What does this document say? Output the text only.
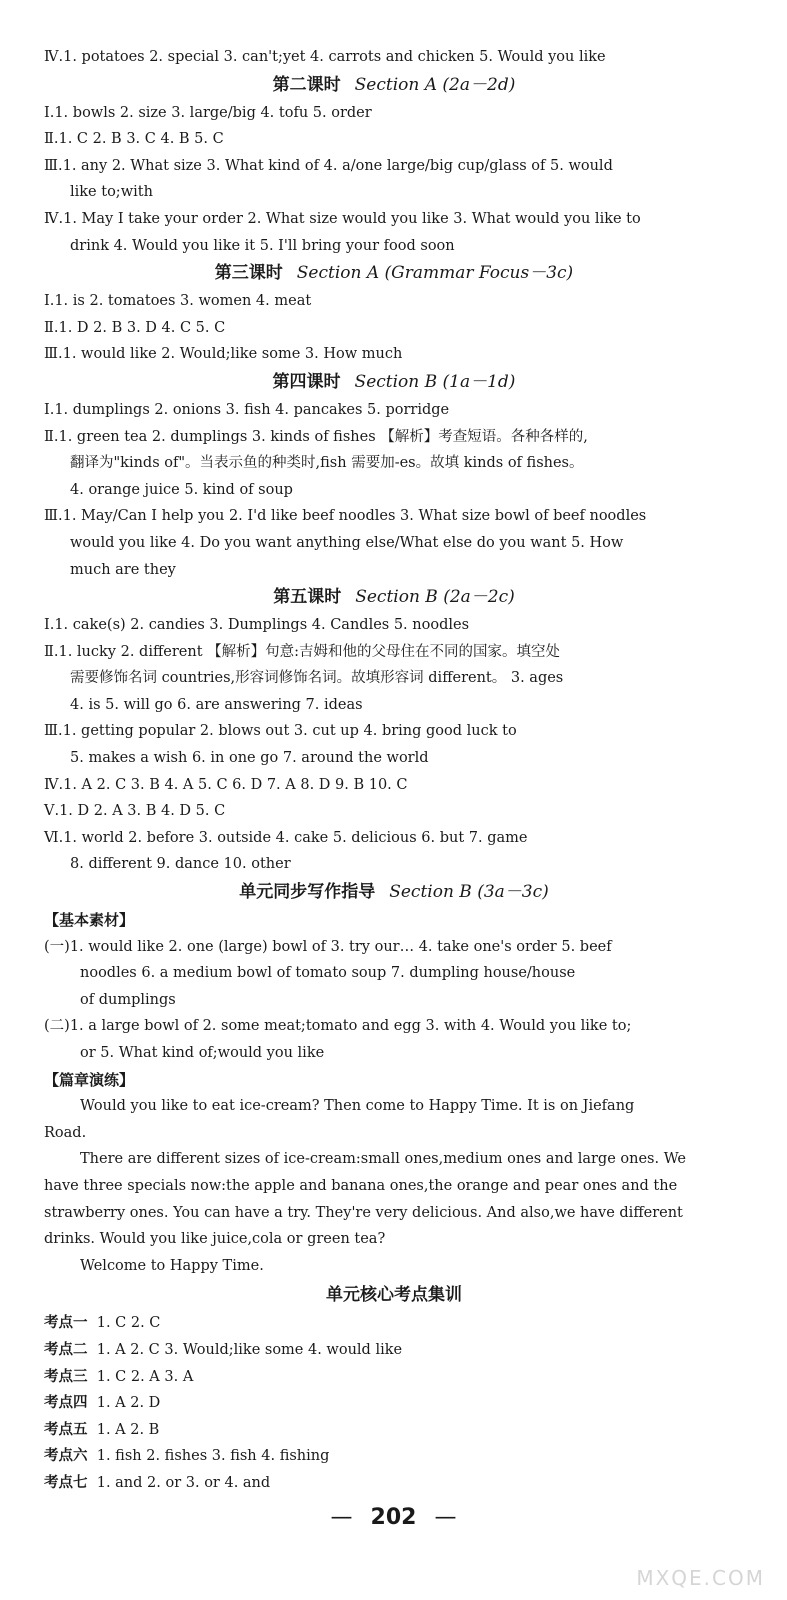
Ⅳ.1. potatoes 2. special 3. can't;yet 4. carrots and chicken 5. Would you like
第二课时 Section A (2a－2d)
Ⅰ.1. bowls 2. size 3. large/big 4. tofu 5. order
Ⅱ.1. C 2. B 3. C 4. B 5. C
Ⅲ.1. any 2. What size 3. What kind of 4. a/one large/big cup/glass of 5. would
like to;with
Ⅳ.1. May I take your order 2. What size would you like 3. What would you like to
drink 4. Would you like it 5. I'll bring your food soon
第三课时 Section A (Grammar Focus－3c)
Ⅰ.1. is 2. tomatoes 3. women 4. meat
Ⅱ.1. D 2. B 3. D 4. C 5. C
Ⅲ.1. would like 2. Would;like some 3. How much
第四课时 Section B (1a－1d)
Ⅰ.1. dumplings 2. onions 3. fish 4. pancakes 5. porridge
Ⅱ.1. green tea 2. dumplings 3. kinds of fishes 【解析】考查短语。各种各样的,
翻译为"kinds of"。当表示鱼的种类时,fish 需要加-es。故填 kinds of fishes。
4. orange juice 5. kind of soup
Ⅲ.1. May/Can I help you 2. I'd like beef noodles 3. What size bowl of beef noodles
would you like 4. Do you want anything else/What else do you want 5. How
much are they
第五课时 Section B (2a－2c)
Ⅰ.1. cake(s) 2. candies 3. Dumplings 4. Candles 5. noodles
Ⅱ.1. lucky 2. different 【解析】句意:吉姆和他的父母住在不同的国家。填空处
需要修饰名词 countries,形容词修饰名词。故填形容词 different。 3. ages
4. is 5. will go 6. are answering 7. ideas
Ⅲ.1. getting popular 2. blows out 3. cut up 4. bring good luck to
5. makes a wish 6. in one go 7. around the world
Ⅳ.1. A 2. C 3. B 4. A 5. C 6. D 7. A 8. D 9. B 10. C
Ⅴ.1. D 2. A 3. B 4. D 5. C
Ⅵ.1. world 2. before 3. outside 4. cake 5. delicious 6. but 7. game
8. different 9. dance 10. other
单元同步写作指导 Section B (3a－3c)
【基本素材】
(一)1. would like 2. one (large) bowl of 3. try our… 4. take one's order 5. beef
noodles 6. a medium bowl of tomato soup 7. dumpling house/house
of dumplings
(二)1. a large bowl of 2. some meat;tomato and egg 3. with 4. Would you like to;
or 5. What kind of;would you like
【篇章演练】
Would you like to eat ice-cream? Then come to Happy Time. It is on Jiefang
Road.
There are different sizes of ice-cream:small ones,medium ones and large ones. We
have three specials now:the apple and banana ones,the orange and pear ones and the
strawberry ones. You can have a try. They're very delicious. And also,we have different
drinks. Would you like juice,cola or green tea?
Welcome to Happy Time.
单元核心考点集训
考点一 1. C 2. C
考点二 1. A 2. C 3. Would;like some 4. would like
考点三 1. C 2. A 3. A
考点四 1. A 2. D
考点五 1. A 2. B
考点六 1. fish 2. fishes 3. fish 4. fishing
考点七 1. and 2. or 3. or 4. and
— 202 —
MXQE.COM
